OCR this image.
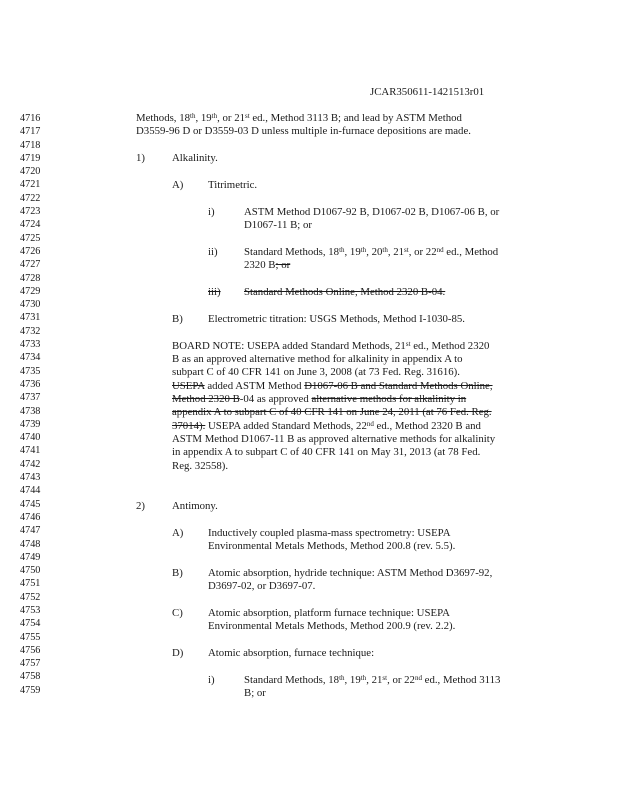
JCAR350611-1421513r01
4716
4717
4718
4719
4720
4721
4722
4723
4724
4725
4726
4727
4728
4729
4730
4731
4732
4733
4734
4735
4736
4737
4738
4739
4740
4741
4742
4743
4744
4745
4746
4747
4748
4749
4750
4751
4752
4753
4754
4755
4756
4757
4758
4759
Methods, 18th, 19th, or 21st ed., Method 3113 B; and lead by ASTM Method
D3559-96 D or D3559-03 D unless multiple in-furnace depositions are made.
1)	Alkalinity.
A) Titrimetric.
i)	ASTM Method D1067-92 B, D1067-02 B, D1067-06 B, or
D1067-11 B; or
ii) Standard Methods, 18th, 19th, 20th, 21st, or 22nd ed., Method
2320 B; or
iii) Standard Methods Online, Method 2320 B-04.
B) Electrometric titration: USGS Methods, Method I-1030-85.
BOARD NOTE: USEPA added Standard Methods, 21st ed., Method 2320
B as an approved alternative method for alkalinity in appendix A to
subpart C of 40 CFR 141 on June 3, 2008 (at 73 Fed. Reg. 31616).
USEPA added ASTM Method D1067-06 B and Standard Methods Online,
Method 2320 B-04 as approved alternative methods for alkalinity in
appendix A to subpart C of 40 CFR 141 on June 24, 2011 (at 76 Fed. Reg.
37014). USEPA added Standard Methods, 22nd ed., Method 2320 B and
ASTM Method D1067-11 B as approved alternative methods for alkalinity
in appendix A to subpart C of 40 CFR 141 on May 31, 2013 (at 78 Fed.
Reg. 32558).
2)	Antimony.
A) Inductively coupled plasma-mass spectrometry: USEPA
Environmental Metals Methods, Method 200.8 (rev. 5.5).
B) Atomic absorption, hydride technique: ASTM Method D3697-92,
D3697-02, or D3697-07.
C) Atomic absorption, platform furnace technique: USEPA
Environmental Metals Methods, Method 200.9 (rev. 2.2).
D) Atomic absorption, furnace technique:
i)	Standard Methods, 18th, 19th, 21st, or 22nd ed., Method 3113
B; or
